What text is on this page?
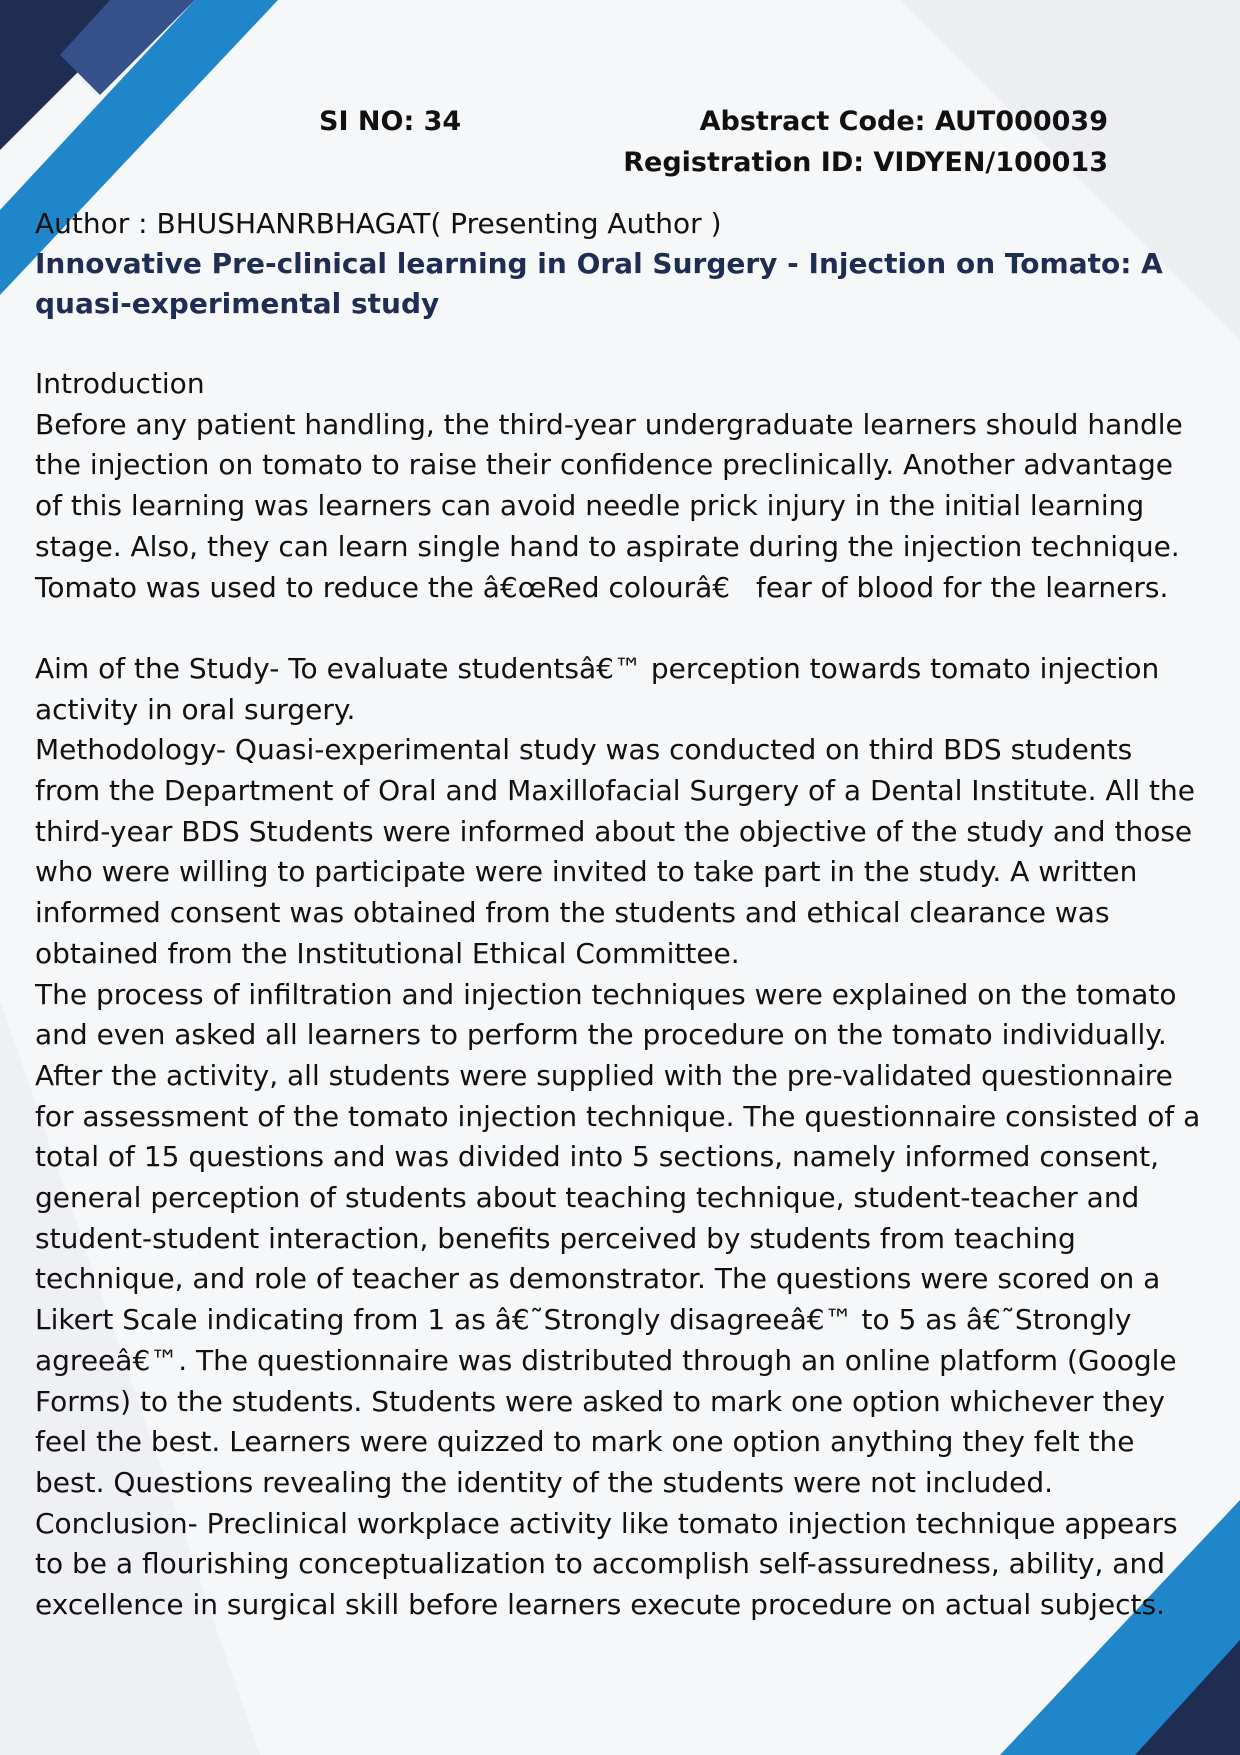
SI NO: 34	Abstract Code: AUT000039
Registration ID: VIDYEN/100013

Author : BHUSHANRBHAGAT( Presenting Author )

Innovative Pre-clinical learning in Oral Surgery - Injection on Tomato: A quasi-experimental study

Introduction

Before any patient handling, the third-year undergraduate learners should handle the injection on tomato to raise their confidence preclinically. Another advantage of this learning was learners can avoid needle prick injury in the initial learning stage. Also, they can learn single hand to aspirate during the injection technique. Tomato was used to reduce the â€œRed colourâ€ fear of blood for the learners.

Aim of the Study- To evaluate studentsâ€™ perception towards tomato injection activity in oral surgery.

Methodology- Quasi-experimental study was conducted on third BDS students from the Department of Oral and Maxillofacial Surgery of a Dental Institute. All the third-year BDS Students were informed about the objective of the study and those who were willing to participate were invited to take part in the study. A written informed consent was obtained from the students and ethical clearance was obtained from the Institutional Ethical Committee.

The process of infiltration and injection techniques were explained on the tomato and even asked all learners to perform the procedure on the tomato individually. After the activity, all students were supplied with the pre-validated questionnaire for assessment of the tomato injection technique. The questionnaire consisted of a total of 15 questions and was divided into 5 sections, namely informed consent, general perception of students about teaching technique, student-teacher and student-student interaction, benefits perceived by students from teaching technique, and role of teacher as demonstrator. The questions were scored on a Likert Scale indicating from 1 as â€˜Strongly disagreeâ€™ to 5 as â€˜Strongly agreeâ€™. The questionnaire was distributed through an online platform (Google Forms) to the students. Students were asked to mark one option whichever they feel the best. Learners were quizzed to mark one option anything they felt the best. Questions revealing the identity of the students were not included.

Conclusion- Preclinical workplace activity like tomato injection technique appears to be a flourishing conceptualization to accomplish self-assuredness, ability, and excellence in surgical skill before learners execute procedure on actual subjects.
